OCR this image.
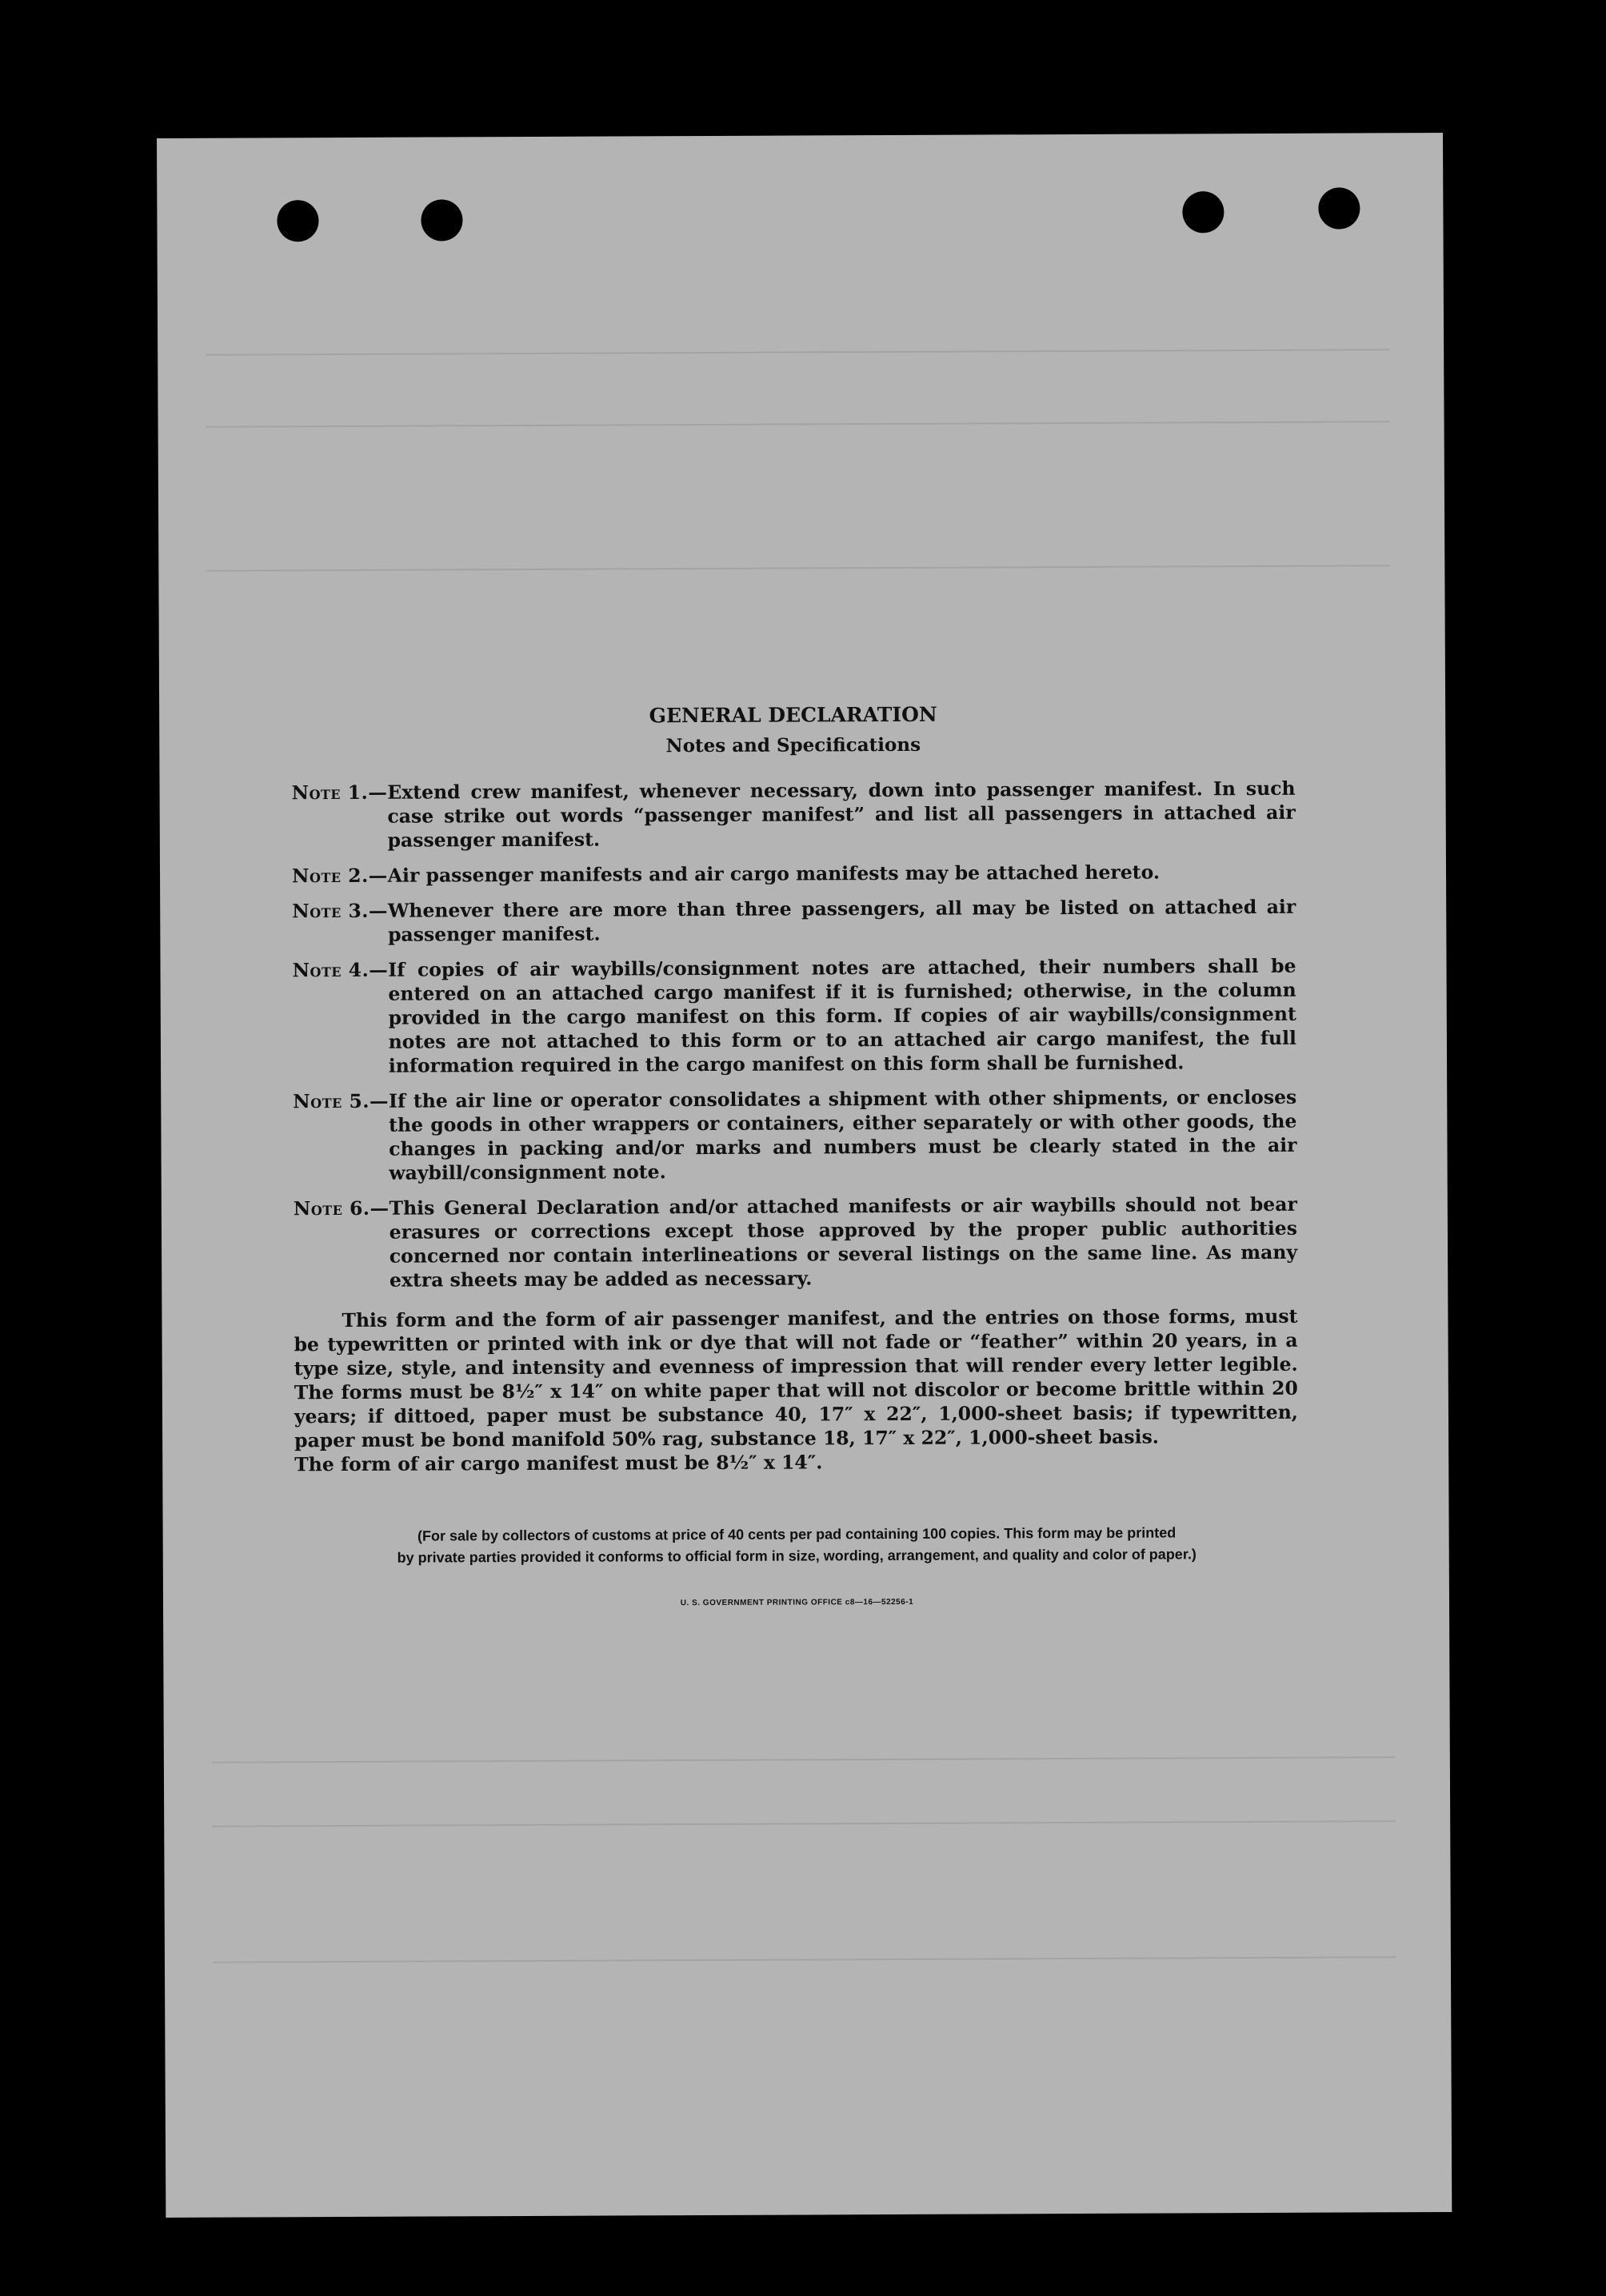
GENERAL DECLARATION

Notes and Specifications

Note 1.— Extend crew manifest, whenever necessary, down into passenger manifest. In such case strike out words “passenger manifest” and list all passengers in attached air passenger manifest.
Note 2.— Air passenger manifests and air cargo manifests may be attached hereto.
Note 3.— Whenever there are more than three passengers, all may be listed on attached air passenger manifest.
Note 4.— If copies of air waybills/consignment notes are attached, their numbers shall be entered on an attached cargo manifest if it is furnished; otherwise, in the column provided in the cargo manifest on this form. If copies of air waybills/consignment notes are not attached to this form or to an attached air cargo manifest, the full information required in the cargo manifest on this form shall be furnished.
Note 5.— If the air line or operator consolidates a shipment with other shipments, or encloses the goods in other wrappers or containers, either separately or with other goods, the changes in packing and/or marks and numbers must be clearly stated in the air waybill/consignment note.
Note 6.— This General Declaration and/or attached manifests or air waybills should not bear erasures or corrections except those approved by the proper public authorities concerned nor contain interlineations or several listings on the same line. As many extra sheets may be added as necessary.

This form and the form of air passenger manifest, and the entries on those forms, must be typewritten or printed with ink or dye that will not fade or “feather” within 20 years, in a type size, style, and intensity and evenness of impression that will render every letter legible. The forms must be 8½″ x 14″ on white paper that will not discolor or become brittle within 20 years; if dittoed, paper must be substance 40, 17″ x 22″, 1,000-sheet basis; if typewritten, paper must be bond manifold 50% rag, substance 18, 17″ x 22″, 1,000-sheet basis.
The form of air cargo manifest must be 8½″ x 14″.

(For sale by collectors of customs at price of 40 cents per pad containing 100 copies. This form may be printed
by private parties provided it conforms to official form in size, wording, arrangement, and quality and color of paper.)
U. S. GOVERNMENT PRINTING OFFICE c8—16—52256-1
